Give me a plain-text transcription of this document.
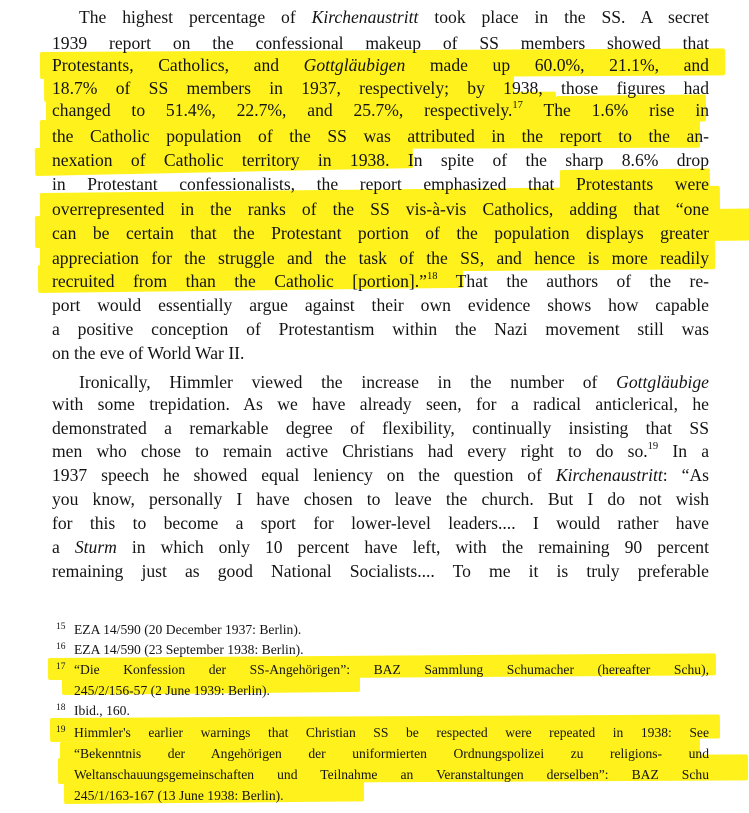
The highest percentage of Kirchenaustritt took place in the SS. A secret
1939 report on the confessional makeup of SS members showed that
Protestants, Catholics, and Gottgläubigen made up 60.0%, 21.1%, and
18.7% of SS members in 1937, respectively; by 1938, those figures had
changed to 51.4%, 22.7%, and 25.7%, respectively.$^{17}$ The 1.6% rise in
the Catholic population of the SS was attributed in the report to the an-
nexation of Catholic territory in 1938. In spite of the sharp 8.6% drop
in Protestant confessionalists, the report emphasized that Protestants were
overrepresented in the ranks of the SS vis-à-vis Catholics, adding that “one
can be certain that the Protestant portion of the population displays greater
appreciation for the struggle and the task of the SS, and hence is more readily
recruited from than the Catholic [portion].”$^{18}$ That the authors of the re-
port would essentially argue against their own evidence shows how capable
a positive conception of Protestantism within the Nazi movement still was
on the eve of World War II.
Ironically, Himmler viewed the increase in the number of Gottgläubige
with some trepidation. As we have already seen, for a radical anticlerical, he
demonstrated a remarkable degree of flexibility, continually insisting that SS
men who chose to remain active Christians had every right to do so.$^{19}$ In a
1937 speech he showed equal leniency on the question of Kirchenaustritt: “As
you know, personally I have chosen to leave the church. But I do not wish
for this to become a sport for lower-level leaders.... I would rather have
a Sturm in which only 10 percent have left, with the remaining 90 percent
remaining just as good National Socialists.... To me it is truly preferable
15 EZA 14/590 (20 December 1937: Berlin).
16 EZA 14/590 (23 September 1938: Berlin).
17 “Die Konfession der SS-Angehörigen”: BAZ Sammlung Schumacher (hereafter Schu),
245/2/156-57 (2 June 1939: Berlin).
18 Ibid., 160.
19 Himmler's earlier warnings that Christian SS be respected were repeated in 1938: See
“Bekenntnis der Angehörigen der uniformierten Ordnungspolizei zu religions- und
Weltanschauungsgemeinschaften und Teilnahme an Veranstaltungen derselben”: BAZ Schu
245/1/163-167 (13 June 1938: Berlin).
